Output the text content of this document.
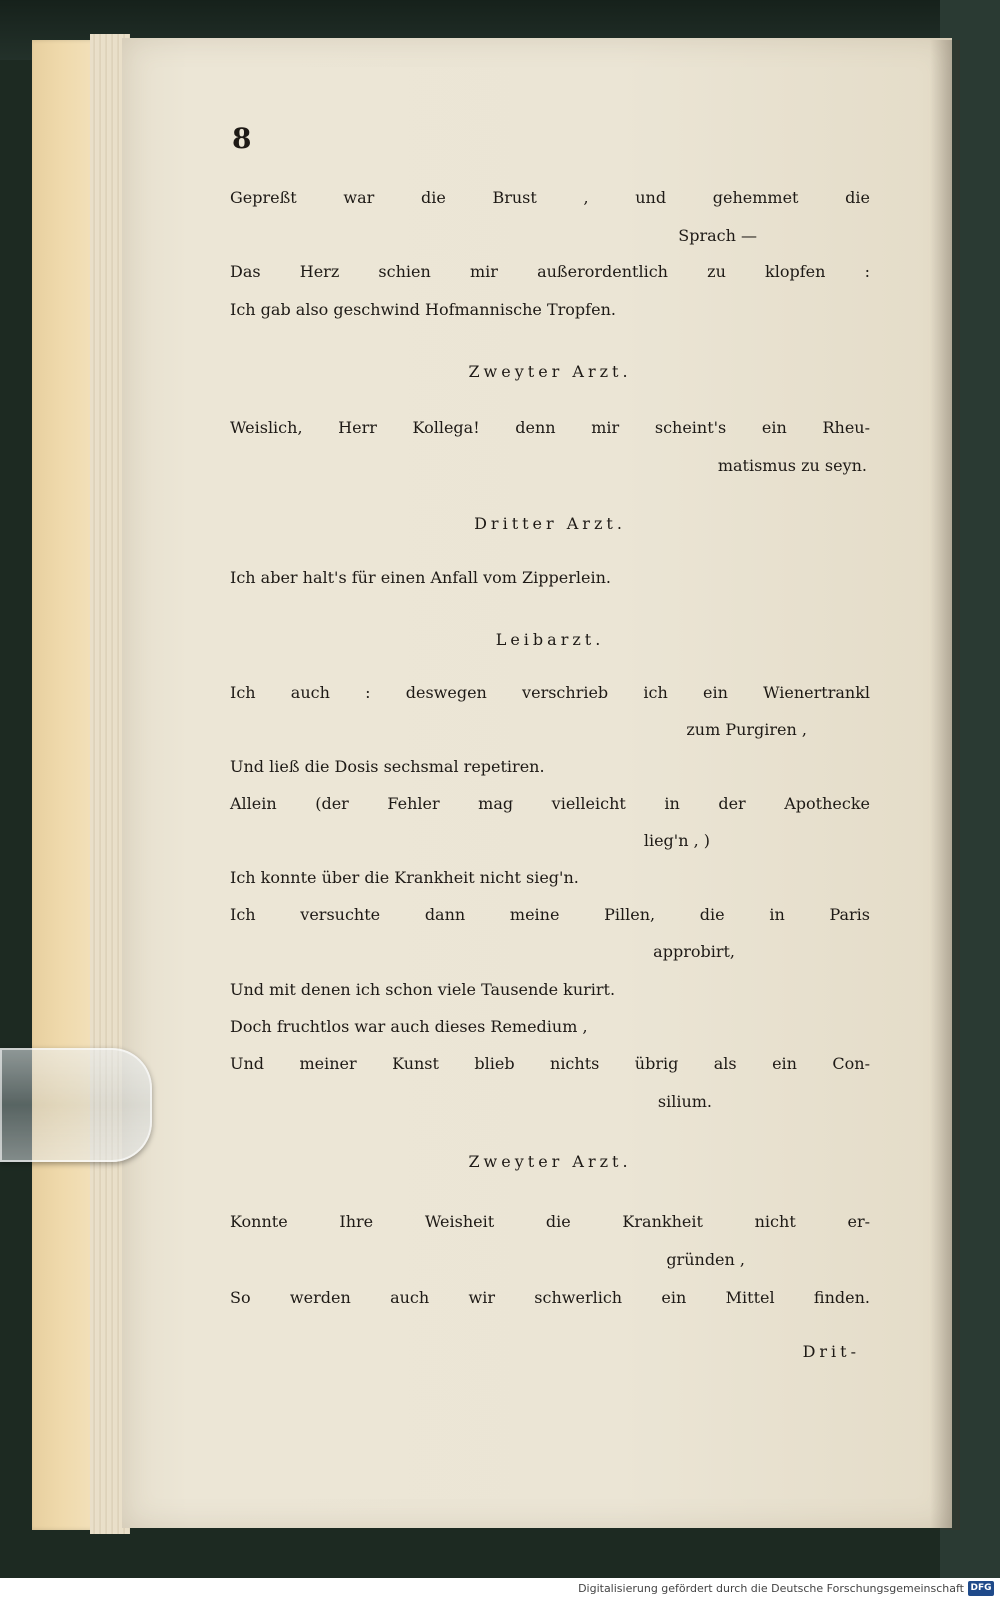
8
Gepreßt war die Brust , und gehemmet die
Sprach —
Das Herz schien mir außerordentlich zu klopfen :
Ich gab also geschwind Hofmannische Tropfen.
Zweyter Arzt.
Weislich, Herr Kollega! denn mir scheint's ein Rheu-
matismus zu seyn.
Dritter Arzt.
Ich aber halt's für einen Anfall vom Zipperlein.
Leibarzt.
Ich auch : deswegen verschrieb ich ein Wienertrankl
zum Purgiren ,
Und ließ die Dosis sechsmal repetiren.
Allein (der Fehler mag vielleicht in der Apothecke
lieg'n , )
Ich konnte über die Krankheit nicht sieg'n.
Ich versuchte dann meine Pillen, die in Paris
approbirt,
Und mit denen ich schon viele Tausende kurirt.
Doch fruchtlos war auch dieses Remedium ,
Und meiner Kunst blieb nichts übrig als ein Con-
silium.
Zweyter Arzt.
Konnte Ihre Weisheit die Krankheit nicht er-
gründen ,
So werden auch wir schwerlich ein Mittel finden.
Drit-
Digitalisierung gefördert durch die Deutsche Forschungsgemeinschaft DFG
